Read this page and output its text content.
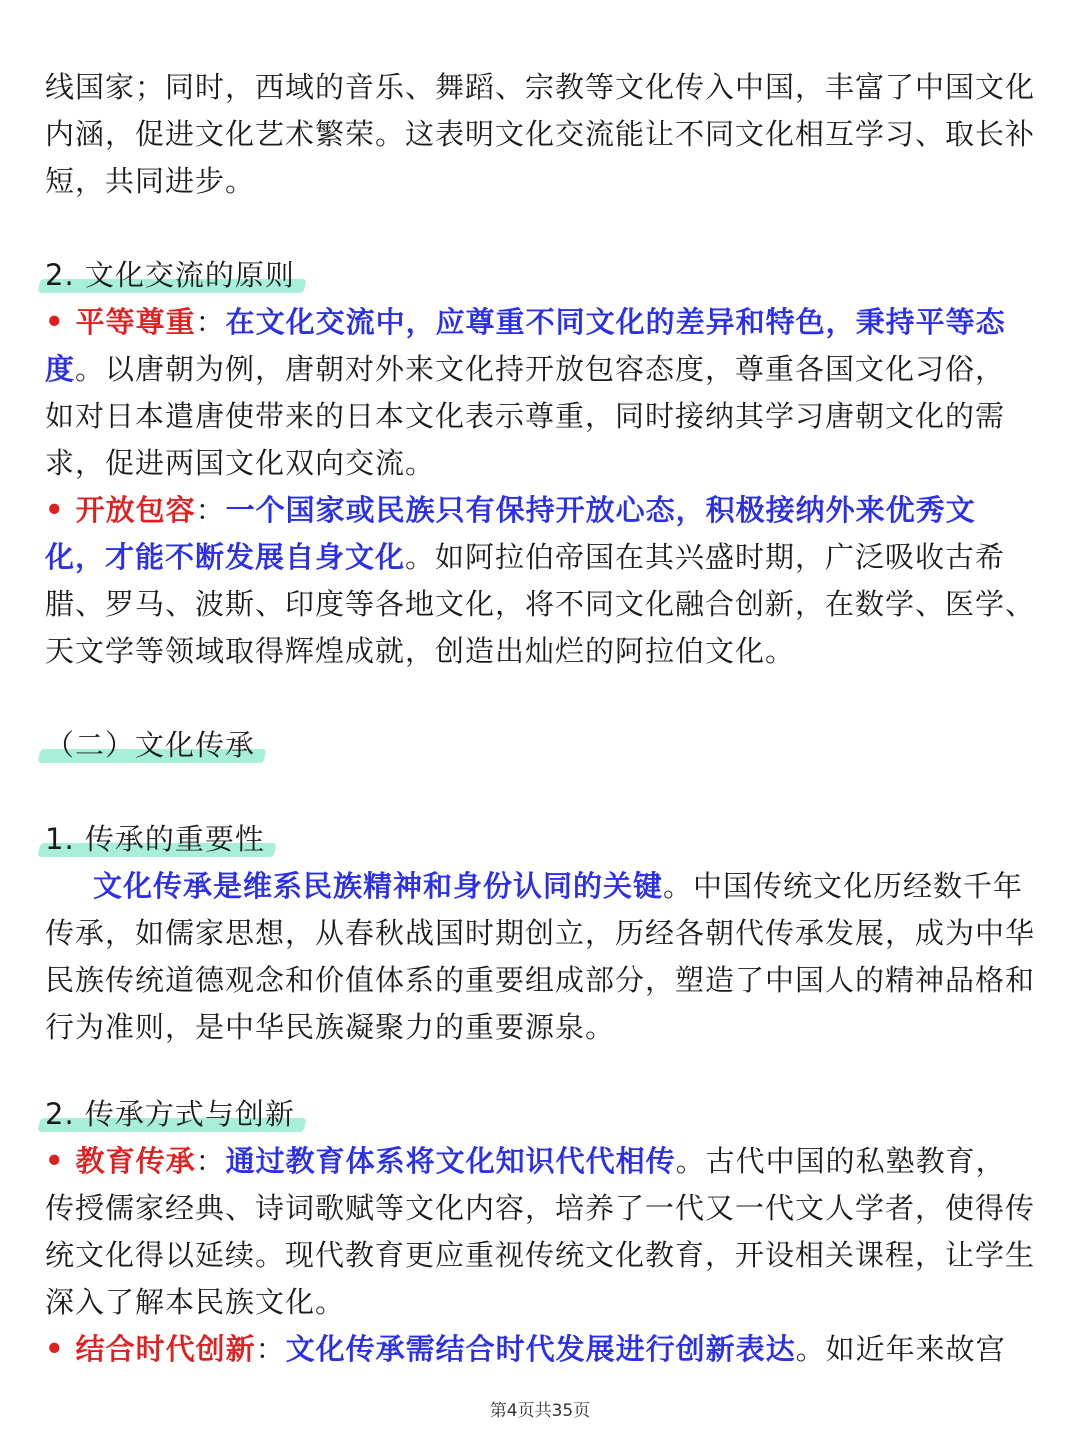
线国家；同时，西域的音乐、舞蹈、宗教等文化传入中国，丰富了中国文化内涵，促进文化艺术繁荣。这表明文化交流能让不同文化相互学习、取长补短，共同进步。

2. 文化交流的原则

• 平等尊重：在文化交流中，应尊重不同文化的差异和特色，秉持平等态度。以唐朝为例，唐朝对外来文化持开放包容态度，尊重各国文化习俗，如对日本遣唐使带来的日本文化表示尊重，同时接纳其学习唐朝文化的需求，促进两国文化双向交流。

• 开放包容：一个国家或民族只有保持开放心态，积极接纳外来优秀文化，才能不断发展自身文化。如阿拉伯帝国在其兴盛时期，广泛吸收古希腊、罗马、波斯、印度等各地文化，将不同文化融合创新，在数学、医学、天文学等领域取得辉煌成就，创造出灿烂的阿拉伯文化。

（二）文化传承
1. 传承的重要性

文化传承是维系民族精神和身份认同的关键。中国传统文化历经数千年传承，如儒家思想，从春秋战国时期创立，历经各朝代传承发展，成为中华民族传统道德观念和价值体系的重要组成部分，塑造了中国人的精神品格和行为准则，是中华民族凝聚力的重要源泉。

2. 传承方式与创新

• 教育传承：通过教育体系将文化知识代代相传。古代中国的私塾教育，传授儒家经典、诗词歌赋等文化内容，培养了一代又一代文人学者，使得传统文化得以延续。现代教育更应重视传统文化教育，开设相关课程，让学生深入了解本民族文化。

• 结合时代创新：文化传承需结合时代发展进行创新表达。如近年来故宫

第4页共35页
